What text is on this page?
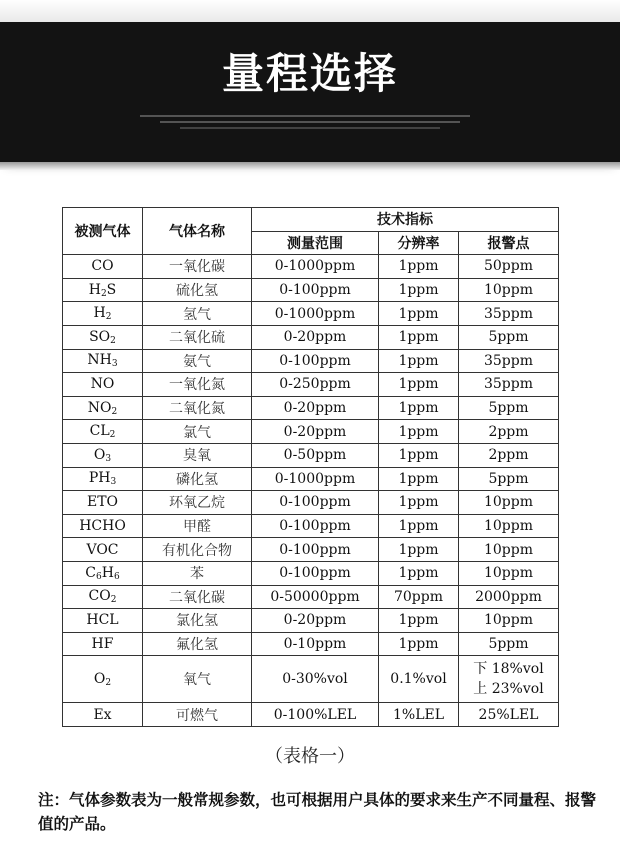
量程选择
被测气体	气体名称	技术指标		
		测量范围	分辨率	报警点
CO	一氧化碳	0-1000ppm	1ppm	50ppm
$H_2S$	硫化氢	0-100ppm	1ppm	10ppm
$H_2$	氢气	0-1000ppm	1ppm	35ppm
$SO_2$	二氧化硫	0-20ppm	1ppm	5ppm
$NH_3$	氨气	0-100ppm	1ppm	35ppm
NO	一氧化氮	0-250ppm	1ppm	35ppm
$NO_2$	二氧化氮	0-20ppm	1ppm	5ppm
$CL_2$	氯气	0-20ppm	1ppm	2ppm
$O_3$	臭氧	0-50ppm	1ppm	2ppm
$PH_3$	磷化氢	0-1000ppm	1ppm	5ppm
ETO	环氧乙烷	0-100ppm	1ppm	10ppm
HCHO	甲醛	0-100ppm	1ppm	10ppm
VOC	有机化合物	0-100ppm	1ppm	10ppm
$C_6H_6$	苯	0-100ppm	1ppm	10ppm
$CO_2$	二氧化碳	0-50000ppm	70ppm	2000ppm
HCL	氯化氢	0-20ppm	1ppm	10ppm
HF	氟化氢	0-10ppm	1ppm	5ppm
$O_2$	氧气	0-30%vol	0.1%vol	下 18%vol
上 23%vol

Ex	可燃气	0-100%LEL	1%LEL	25%LEL
（表格一）
注：气体参数表为一般常规参数，也可根据用户具体的要求来生产不同量程、报警值的产品。
